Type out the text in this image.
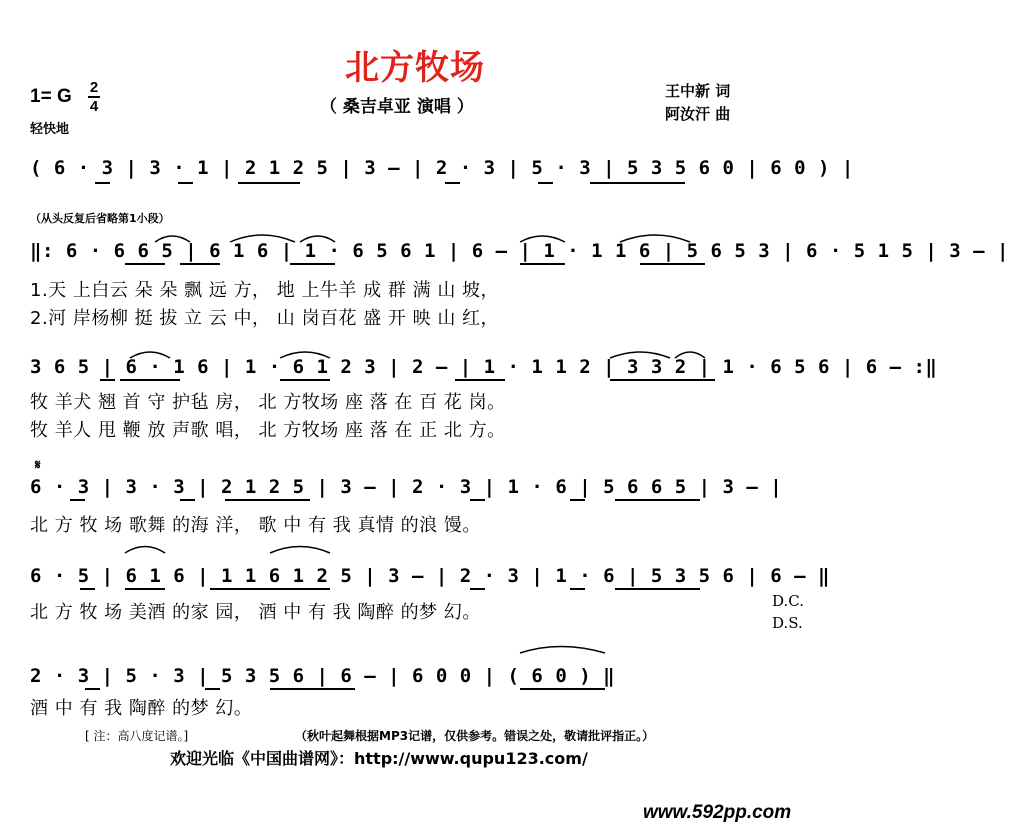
北方牧场
（ 桑吉卓亚 演唱 ）
1= G 2
4
轻快地
王中新 词
阿汝汗 曲
( 6 · 3 | 3 · 1 | 2 1 2 5 | 3 – | 2 · 3 | 5 · 3 | 5 3 5 6 0 | 6 0 ) |
（从头反复后省略第1小段）
‖: 6 · 6 6 5 | 6 1 6 | 1 · 6 5 6 1 | 6 – | 1 · 1 1 6 | 5 6 5 3 | 6 · 5 1 5 | 3 – |
1.天 上白云 朵 朵 飘 远 方， 地 上牛羊 成 群 满 山 坡，
2.河 岸杨柳 挺 拔 立 云 中， 山 岗百花 盛 开 映 山 红，
3 6 5 | 6 · 1 6 | 1 · 6 1 2 3 | 2 – | 1 · 1 1 2 | 3 3 2 | 1 · 6 5 6 | 6 – :‖
牧 羊犬 翘 首 守 护毡 房， 北 方牧场 座 落 在 百 花 岗。
牧 羊人 甩 鞭 放 声歌 唱， 北 方牧场 座 落 在 正 北 方。
𝄋
6 · 3 | 3 · 3 | 2 1 2 5 | 3 – | 2 · 3 | 1 · 6 | 5 6 6 5 | 3 – |
北 方 牧 场 歌舞 的海 洋， 歌 中 有 我 真情 的浪 馒。
6 · 5 | 6 1 6 | 1 1 6 1 2 5 | 3 – | 2 · 3 | 1 · 6 | 5 3 5 6 | 6 – ‖
北 方 牧 场 美酒 的家 园， 酒 中 有 我 陶醉 的梦 幻。
D.C.
D.S.
2 · 3 | 5 · 3 | 5 3 5 6 | 6 – | 6 0 0 | ( 6 0 ) ‖
酒 中 有 我 陶醉 的梦 幻。
[ 注：高八度记谱。]	（秋叶起舞根据MP3记谱，仅供参考。错误之处，敬请批评指正。）
欢迎光临《中国曲谱网》：http://www.qupu123.com/
www.592pp.com
